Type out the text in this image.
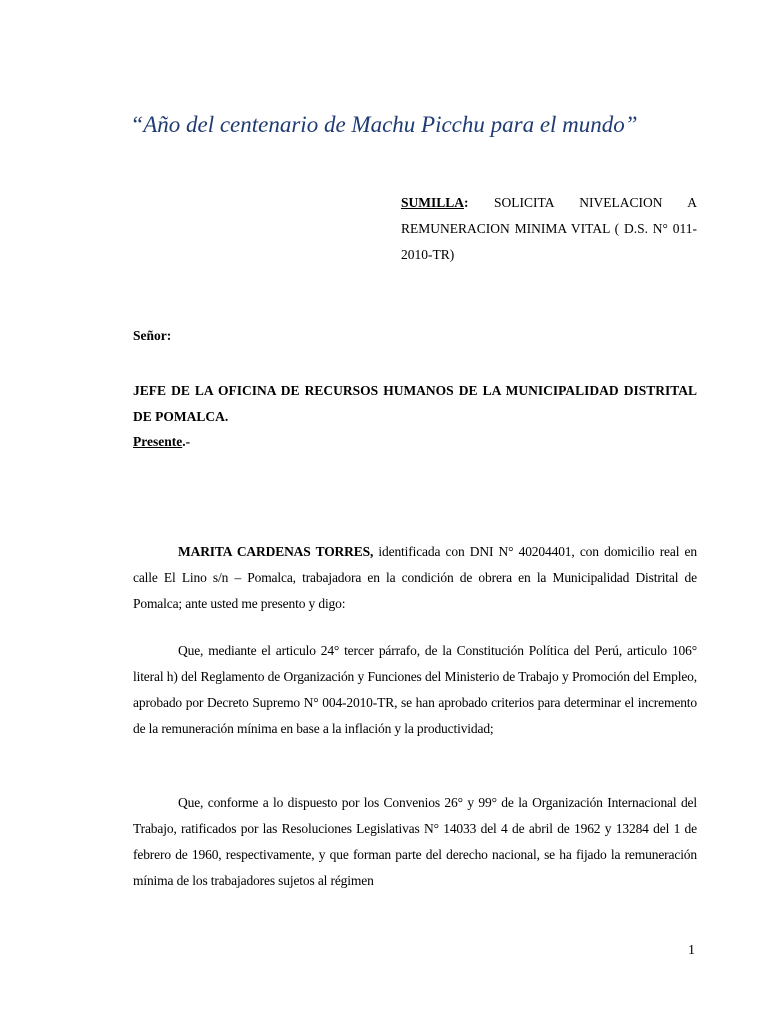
“Año del centenario de Machu Picchu para el mundo”
SUMILLA: SOLICITA NIVELACION A REMUNERACION MINIMA VITAL ( D.S. N° 011-2010-TR)
Señor:
JEFE DE LA OFICINA DE RECURSOS HUMANOS DE LA MUNICIPALIDAD DISTRITAL DE POMALCA.
Presente.-
MARITA CARDENAS TORRES, identificada con DNI N° 40204401, con domicilio real en calle El Lino s/n – Pomalca, trabajadora en la condición de obrera en la Municipalidad Distrital de Pomalca; ante usted me presento y digo:
Que, mediante el articulo 24° tercer párrafo, de la Constitución Política del Perú, articulo 106° literal h) del Reglamento de Organización y Funciones del Ministerio de Trabajo y Promoción del Empleo, aprobado por Decreto Supremo N° 004-2010-TR, se han aprobado criterios para determinar el incremento de la remuneración mínima en base a la inflación y la productividad;
Que, conforme a lo dispuesto por los Convenios 26° y 99° de la Organización Internacional del Trabajo, ratificados por las Resoluciones Legislativas N° 14033 del 4 de abril de 1962 y 13284 del 1 de febrero de 1960, respectivamente, y que forman parte del derecho nacional, se ha fijado la remuneración mínima de los trabajadores sujetos al régimen
1
